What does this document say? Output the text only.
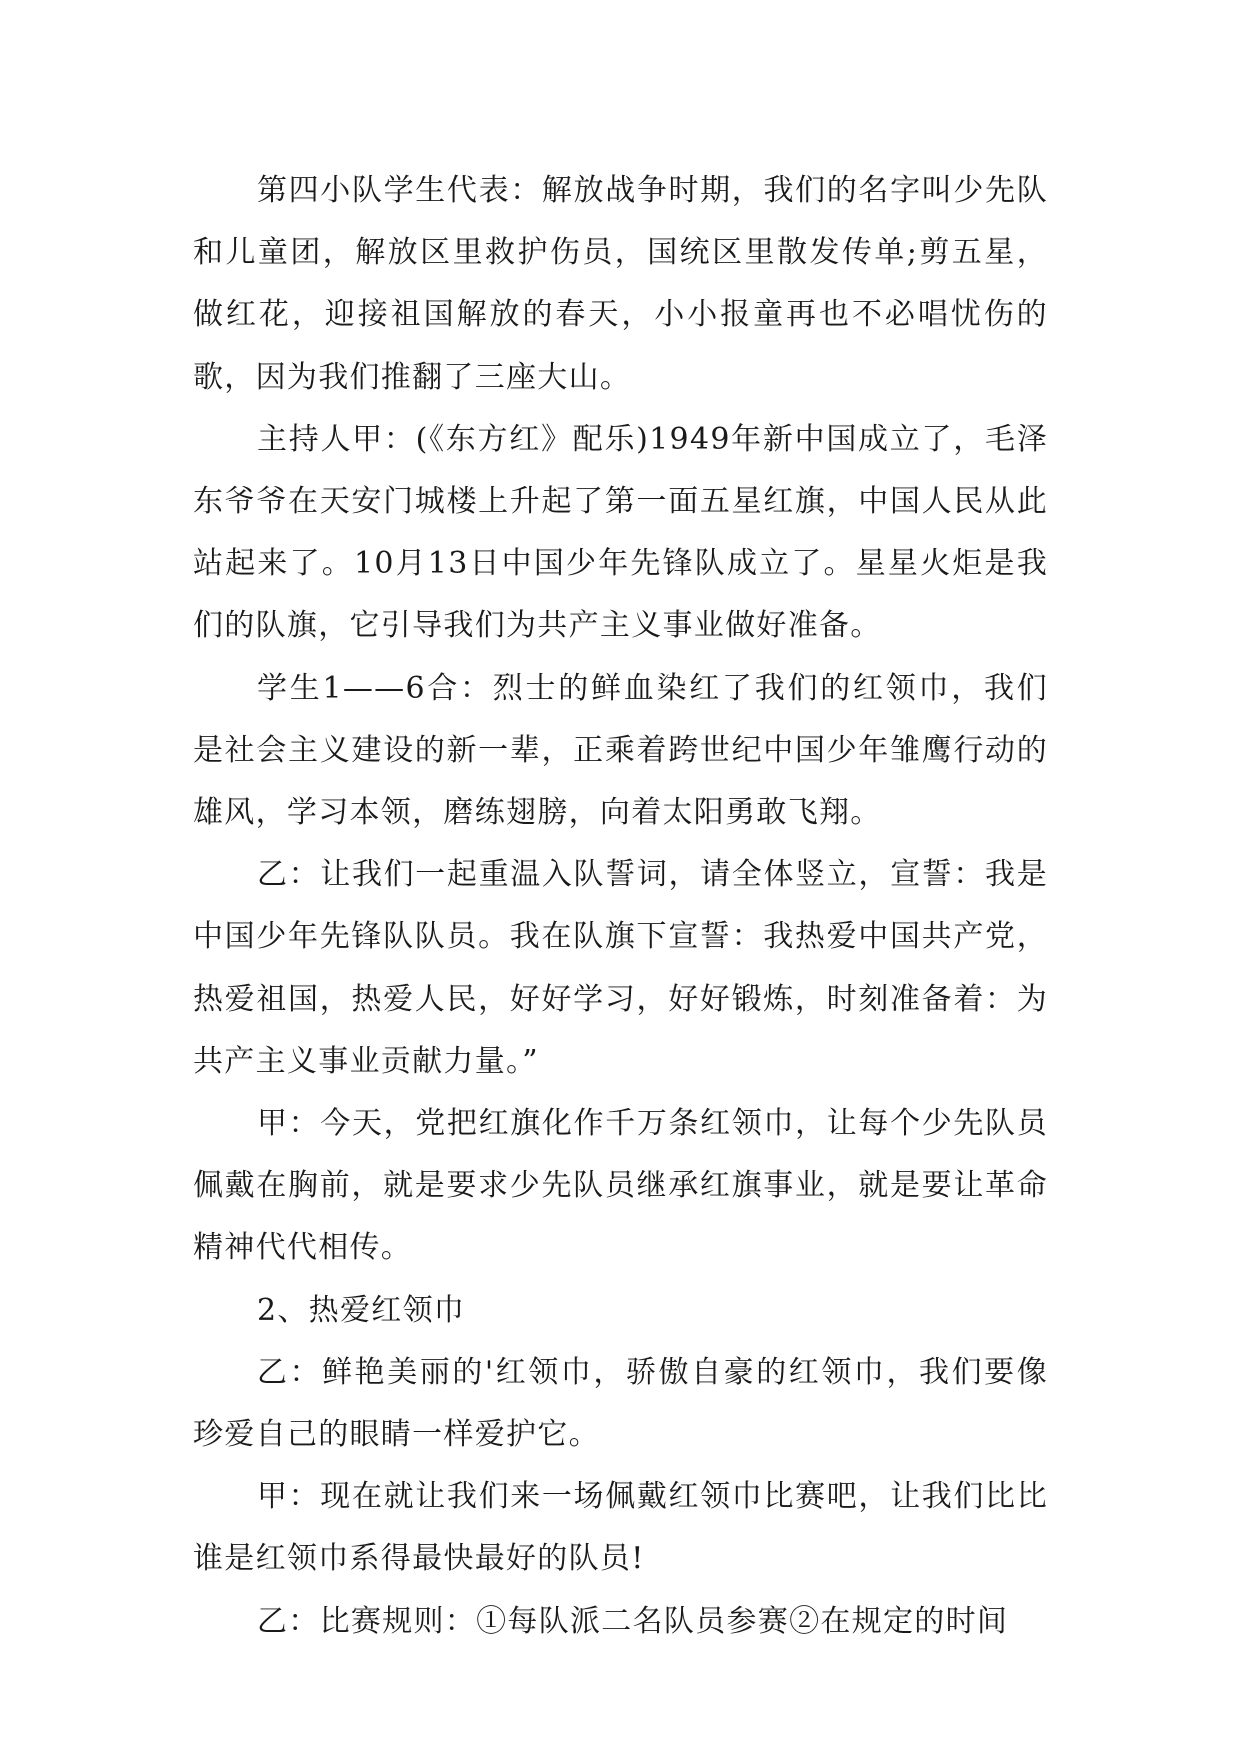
第四小队学生代表：解放战争时期，我们的名字叫少先队和儿童团，解放区里救护伤员，国统区里散发传单;剪五星，做红花，迎接祖国解放的春天，小小报童再也不必唱忧伤的歌，因为我们推翻了三座大山。

主持人甲：(《东方红》配乐)1949年新中国成立了，毛泽东爷爷在天安门城楼上升起了第一面五星红旗，中国人民从此站起来了。10月13日中国少年先锋队成立了。星星火炬是我们的队旗，它引导我们为共产主义事业做好准备。

学生1——6合：烈士的鲜血染红了我们的红领巾，我们是社会主义建设的新一辈，正乘着跨世纪中国少年雏鹰行动的雄风，学习本领，磨练翅膀，向着太阳勇敢飞翔。

乙：让我们一起重温入队誓词，请全体竖立，宣誓：我是中国少年先锋队队员。我在队旗下宣誓：我热爱中国共产党，热爱祖国，热爱人民，好好学习，好好锻炼，时刻准备着：为共产主义事业贡献力量。”

甲：今天，党把红旗化作千万条红领巾，让每个少先队员佩戴在胸前，就是要求少先队员继承红旗事业，就是要让革命精神代代相传。

2、热爱红领巾

乙：鲜艳美丽的'红领巾，骄傲自豪的红领巾，我们要像珍爱自己的眼睛一样爱护它。

甲：现在就让我们来一场佩戴红领巾比赛吧，让我们比比谁是红领巾系得最快最好的队员!

乙：比赛规则：①每队派二名队员参赛②在规定的时间
